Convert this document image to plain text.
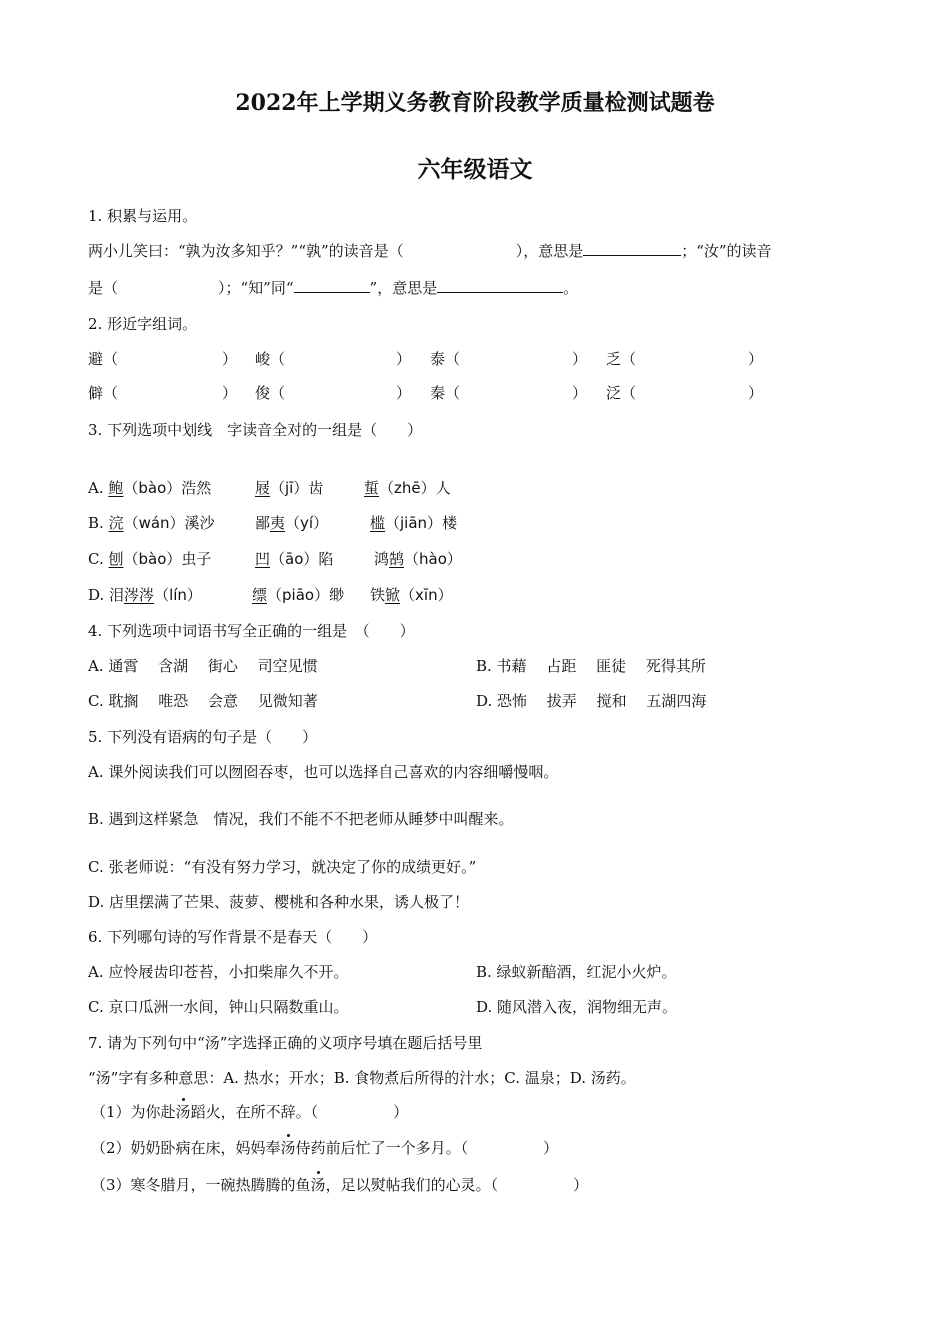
2022年上学期义务教育阶段教学质量检测试题卷
六年级语文
1. 积累与运用。
两小儿笑曰：“孰为汝多知乎？”“孰”的读音是（	），意思是	；“汝”的读音
是（	）；“知”同“	”，意思是	。
2. 形近字组词。
避（	） 峻（	） 泰（	） 乏（	）
僻（	） 俊（	） 秦（	） 泛（	）
3. 下列选项中划线　字读音全对的一组是（　　）
A. 鲍（bào）浩然	屐（jī）齿	蜇（zhē）人
B. 浣（wán）溪沙	鄙夷（yí）	槛（jiān）楼
C. 刨（bào）虫子	凹（āo）陷	鸿鹄（hào）
D. 泪涔涔（lín）	缥（piāo）缈 铁锨（xīn）
4. 下列选项中词语书写全正确的一组是　（　　）
A. 通霄　 含湖　 街心　 司空见惯	B. 书藉　 占距　 匪徒　 死得其所
C. 耽搁　 唯恐　 会意　 见微知著	D. 恐怖　 拔弄　 搅和　 五湖四海
5. 下列没有语病的句子是（　　）
A. 课外阅读我们可以囫囵吞枣，也可以选择自己喜欢的内容细嚼慢咽。
B. 遇到这样紧急　情况，我们不能不不把老师从睡梦中叫醒来。
C. 张老师说：“有没有努力学习，就决定了你的成绩更好。”
D. 店里摆满了芒果、菠萝、樱桃和各种水果，诱人极了！
6. 下列哪句诗的写作背景不是春天（　　）
A. 应怜屐齿印苍苔，小扣柴扉久不开。	B. 绿蚁新醅酒，红泥小火炉。
C. 京口瓜洲一水间，钟山只隔数重山。	D. 随风潜入夜，润物细无声。
7. 请为下列句中“汤”字选择正确的义项序号填在题后括号里
“汤”字有多种意思：A. 热水；开水；B. 食物煮后所得的汁水；C. 温泉；D. 汤药。
（1）为你赴汤蹈火，在所不辞。（　　　　　）
（2）奶奶卧病在床，妈妈奉汤侍药前后忙了一个多月。（　　　　　）
（3）寒冬腊月，一碗热腾腾的鱼汤，足以熨帖我们的心灵。（　　　　　）
